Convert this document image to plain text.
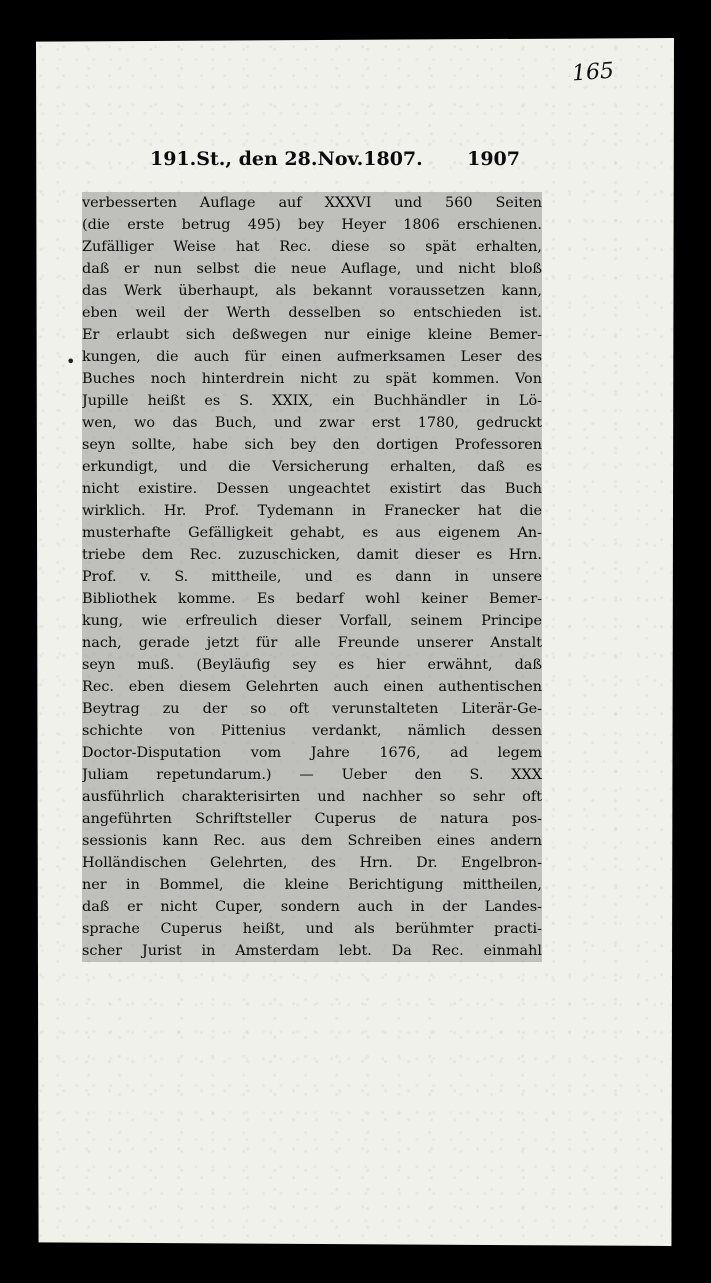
165
191.St., den 28.Nov.1807. 1907
•
verbesserten Auflage auf XXXVI und 560 Seiten
(die erste betrug 495) bey Heyer 1806 erschienen.
Zufälliger Weise hat Rec. diese so spät erhalten,
daß er nun selbst die neue Auflage, und nicht bloß
das Werk überhaupt, als bekannt voraussetzen kann,
eben weil der Werth desselben so entschieden ist.
Er erlaubt sich deßwegen nur einige kleine Bemer-
kungen, die auch für einen aufmerksamen Leser des
Buches noch hinterdrein nicht zu spät kommen. Von
Jupille heißt es S. XXIX, ein Buchhändler in Lö-
wen, wo das Buch, und zwar erst 1780, gedruckt
seyn sollte, habe sich bey den dortigen Professoren
erkundigt, und die Versicherung erhalten, daß es
nicht existire. Dessen ungeachtet existirt das Buch
wirklich. Hr. Prof. Tydemann in Franecker hat die
musterhafte Gefälligkeit gehabt, es aus eigenem An-
triebe dem Rec. zuzuschicken, damit dieser es Hrn.
Prof. v. S. mittheile, und es dann in unsere
Bibliothek komme. Es bedarf wohl keiner Bemer-
kung, wie erfreulich dieser Vorfall, seinem Principe
nach, gerade jetzt für alle Freunde unserer Anstalt
seyn muß. (Beyläufig sey es hier erwähnt, daß
Rec. eben diesem Gelehrten auch einen authentischen
Beytrag zu der so oft verunstalteten Literär-Ge-
schichte von Pittenius verdankt, nämlich dessen
Doctor-Disputation vom Jahre 1676, ad legem
Juliam repetundarum.) — Ueber den S. XXX
ausführlich charakterisirten und nachher so sehr oft
angeführten Schriftsteller Cuperus de natura pos-
sessionis kann Rec. aus dem Schreiben eines andern
Holländischen Gelehrten, des Hrn. Dr. Engelbron-
ner in Bommel, die kleine Berichtigung mittheilen,
daß er nicht Cuper, sondern auch in der Landes-
sprache Cuperus heißt, und als berühmter practi-
scher Jurist in Amsterdam lebt. Da Rec. einmahl
